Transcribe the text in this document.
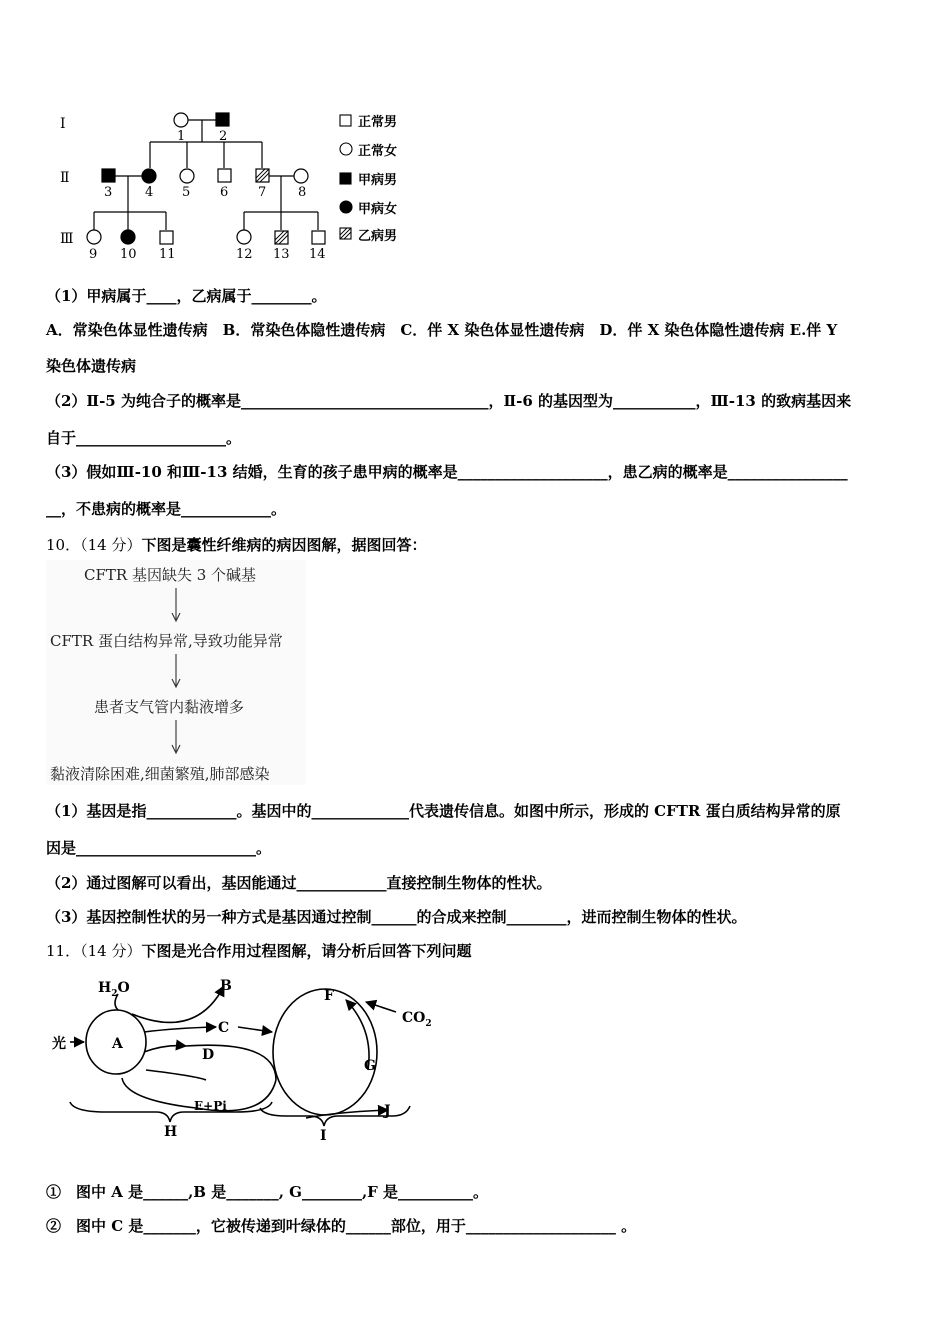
Ⅰ
Ⅱ
Ⅲ
1	2
3	4 5 6 7 8
9 10 11	12 13 14
正常男
正常女
甲病男
甲病女
乙病男
（1）甲病属于____，乙病属于________。
A．常染色体显性遗传病　B．常染色体隐性遗传病　C．伴 X 染色体显性遗传病　D．伴 X 染色体隐性遗传病 E.伴 Y
染色体遗传病
（2）Ⅱ-5 为纯合子的概率是_________________________________，Ⅱ-6 的基因型为___________，Ⅲ-13 的致病基因来
自于____________________。
（3）假如Ⅲ-10 和Ⅲ-13 结婚，生育的孩子患甲病的概率是____________________，患乙病的概率是________________
__，不患病的概率是____________。
10．（14 分）下图是囊性纤维病的病因图解，据图回答：
CFTR 基因缺失 3 个碱基
CFTR 蛋白结构异常,导致功能异常
患者支气管内黏液增多
黏液清除困难,细菌繁殖,肺部感染
（1）基因是指____________。基因中的_____________代表遗传信息。如图中所示，形成的 CFTR 蛋白质结构异常的原
因是________________________。
（2）通过图解可以看出，基因能通过____________直接控制生物体的性状。
（3）基因控制性状的另一种方式是基因通过控制______的合成来控制________，进而控制生物体的性状。
11．（14 分）下图是光合作用过程图解，请分析后回答下列问题
$H_2O$
光	A
B
C
D
E+Pi
F
G
$CO_2$
J
H	I
①　图中 A 是______,B 是_______, G________,F 是__________。
②　图中 C 是_______，它被传递到叶绿体的______部位，用于____________________ 。
